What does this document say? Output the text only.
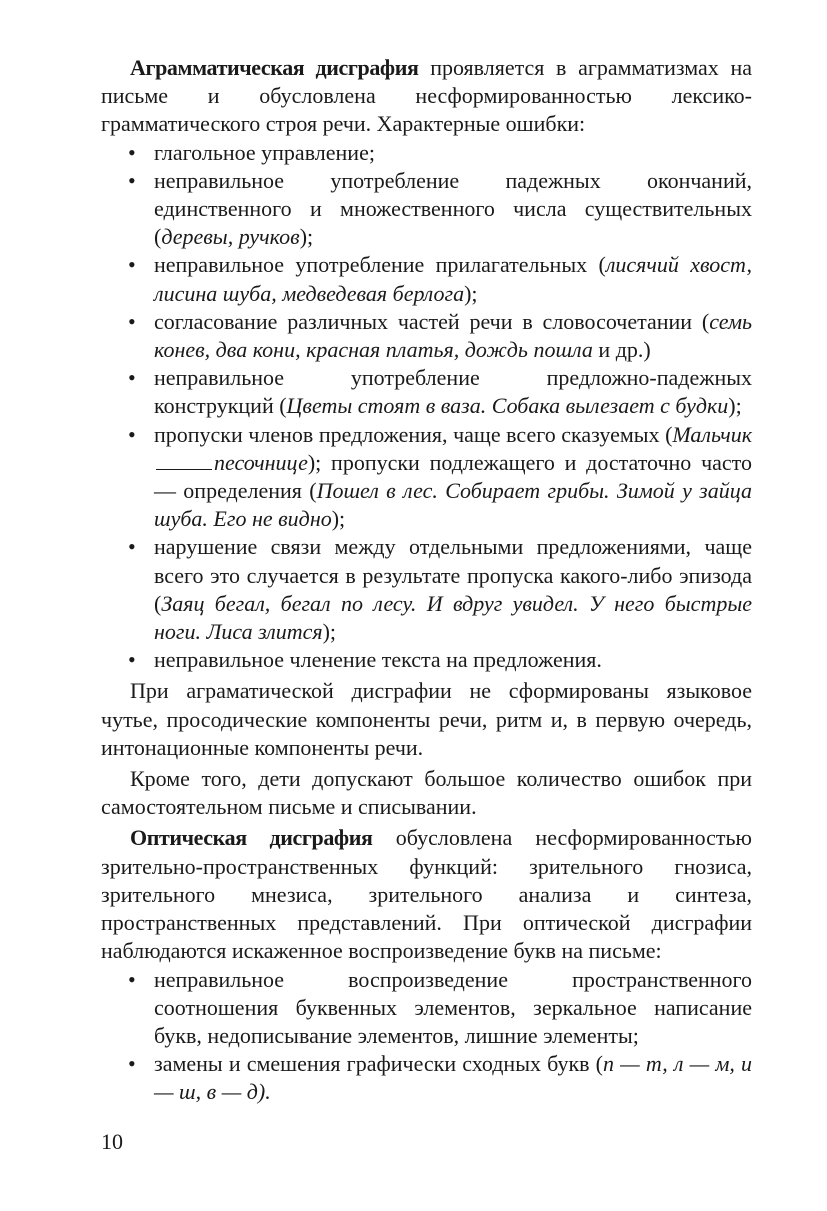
Аграмматическая дисграфия проявляется в аграмматизмах на письме и обусловлена несформированностью лексико-грамматического строя речи. Характерные ошибки:

• глагольное управление;
• неправильное употребление падежных окончаний, единственного и множественного числа существительных (деревы, ручков);
• неправильное употребление прилагательных (лисячий хвост, лисина шуба, медведевая берлога);
• согласование различных частей речи в словосочетании (семь конев, два кони, красная платья, дождь пошла и др.)
• неправильное употребление предложно-падежных конструкций (Цветы стоят в ваза. Собака вылезает с будки);
• пропуски членов предложения, чаще всего сказуемых (Мальчикпесочнице); пропуски подлежащего и достаточно часто — определения (Пошел в лес. Собирает грибы. Зимой у зайца шуба. Его не видно);
• нарушение связи между отдельными предложениями, чаще всего это случается в результате пропуска какого-либо эпизода (Заяц бегал, бегал по лесу. И вдруг увидел. У него быстрые ноги. Лиса злится);
• неправильное членение текста на предложения.

При аграматической дисграфии не сформированы языковое чутье, просодические компоненты речи, ритм и, в первую очередь, интонационные компоненты речи.

Кроме того, дети допускают большое количество ошибок при самостоятельном письме и списывании.

Оптическая дисграфия обусловлена несформированностью зрительно-пространственных функций: зрительного гнозиса, зрительного мнезиса, зрительного анализа и синтеза, пространственных представлений. При оптической дисграфии наблюдаются искаженное воспроизведение букв на письме:

• неправильное воспроизведение пространственного соотношения буквенных элементов, зеркальное написание букв, недописывание элементов, лишние элементы;
• замены и смешения графически сходных букв (п — т, л — м, и — ш, в — д).
10
